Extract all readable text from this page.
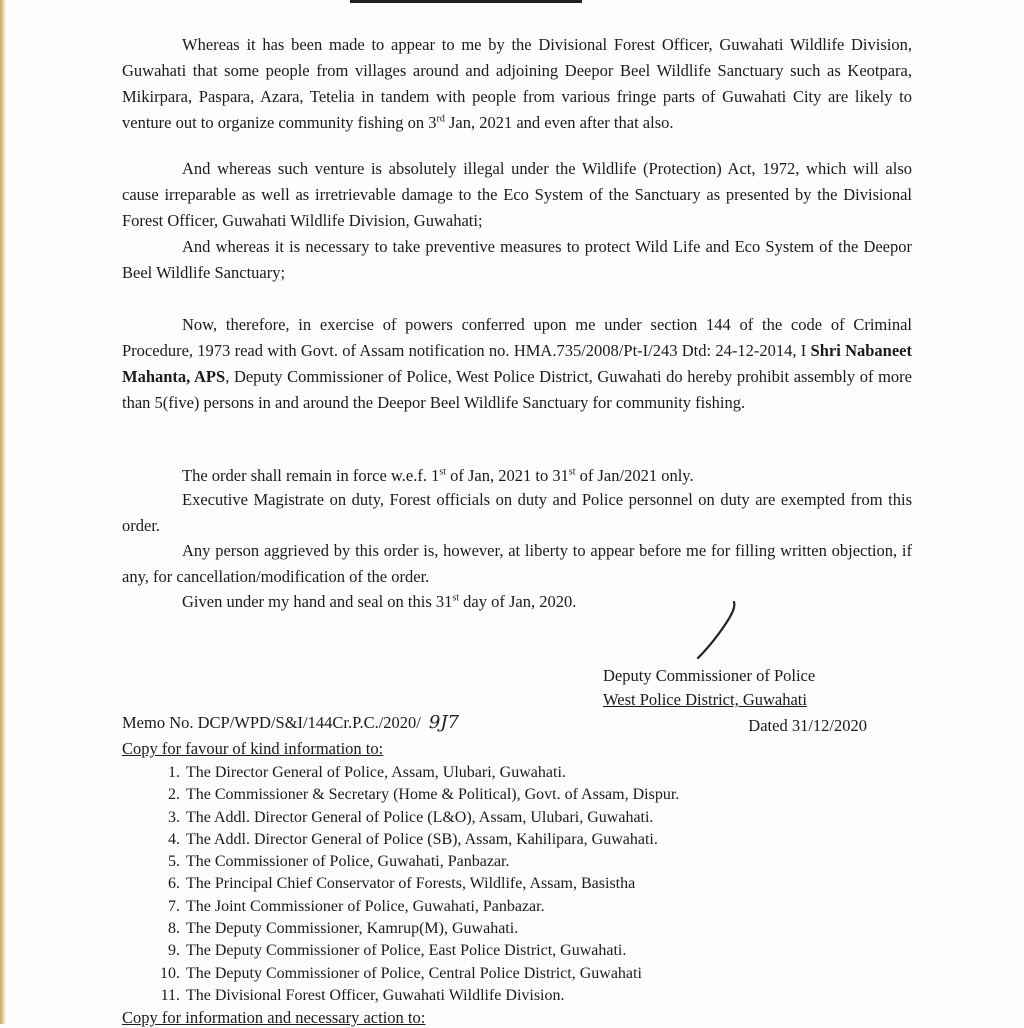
Whereas it has been made to appear to me by the Divisional Forest Officer, Guwahati Wildlife Division, Guwahati that some people from villages around and adjoining Deepor Beel Wildlife Sanctuary such as Keotpara, Mikirpara, Paspara, Azara, Tetelia in tandem with people from various fringe parts of Guwahati City are likely to venture out to organize community fishing on 3rd Jan, 2021 and even after that also.

And whereas such venture is absolutely illegal under the Wildlife (Protection) Act, 1972, which will also cause irreparable as well as irretrievable damage to the Eco System of the Sanctuary as presented by the Divisional Forest Officer, Guwahati Wildlife Division, Guwahati;

And whereas it is necessary to take preventive measures to protect Wild Life and Eco System of the Deepor Beel Wildlife Sanctuary;

Now, therefore, in exercise of powers conferred upon me under section 144 of the code of Criminal Procedure, 1973 read with Govt. of Assam notification no. HMA.735/2008/Pt-I/243 Dtd: 24-12-2014, I Shri Nabaneet Mahanta, APS, Deputy Commissioner of Police, West Police District, Guwahati do hereby prohibit assembly of more than 5(five) persons in and around the Deepor Beel Wildlife Sanctuary for community fishing.

The order shall remain in force w.e.f. 1st of Jan, 2021 to 31st of Jan/2021 only.

Executive Magistrate on duty, Forest officials on duty and Police personnel on duty are exempted from this order.

Any person aggrieved by this order is, however, at liberty to appear before me for filling written objection, if any, for cancellation/modification of the order.

Given under my hand and seal on this 31st day of Jan, 2020.

Deputy Commissioner of Police
West Police District, Guwahati
Memo No. DCP/WPD/S&I/144Cr.P.C./2020/ 9J7	Dated 31/12/2020
Copy for favour of kind information to:
1. The Director General of Police, Assam, Ulubari, Guwahati.
2. The Commissioner & Secretary (Home & Political), Govt. of Assam, Dispur.
3. The Addl. Director General of Police (L&O), Assam, Ulubari, Guwahati.
4. The Addl. Director General of Police (SB), Assam, Kahilipara, Guwahati.
5. The Commissioner of Police, Guwahati, Panbazar.
6. The Principal Chief Conservator of Forests, Wildlife, Assam, Basistha
7. The Joint Commissioner of Police, Guwahati, Panbazar.
8. The Deputy Commissioner, Kamrup(M), Guwahati.
9. The Deputy Commissioner of Police, East Police District, Guwahati.
10. The Deputy Commissioner of Police, Central Police District, Guwahati
11. The Divisional Forest Officer, Guwahati Wildlife Division.
Copy for information and necessary action to:
